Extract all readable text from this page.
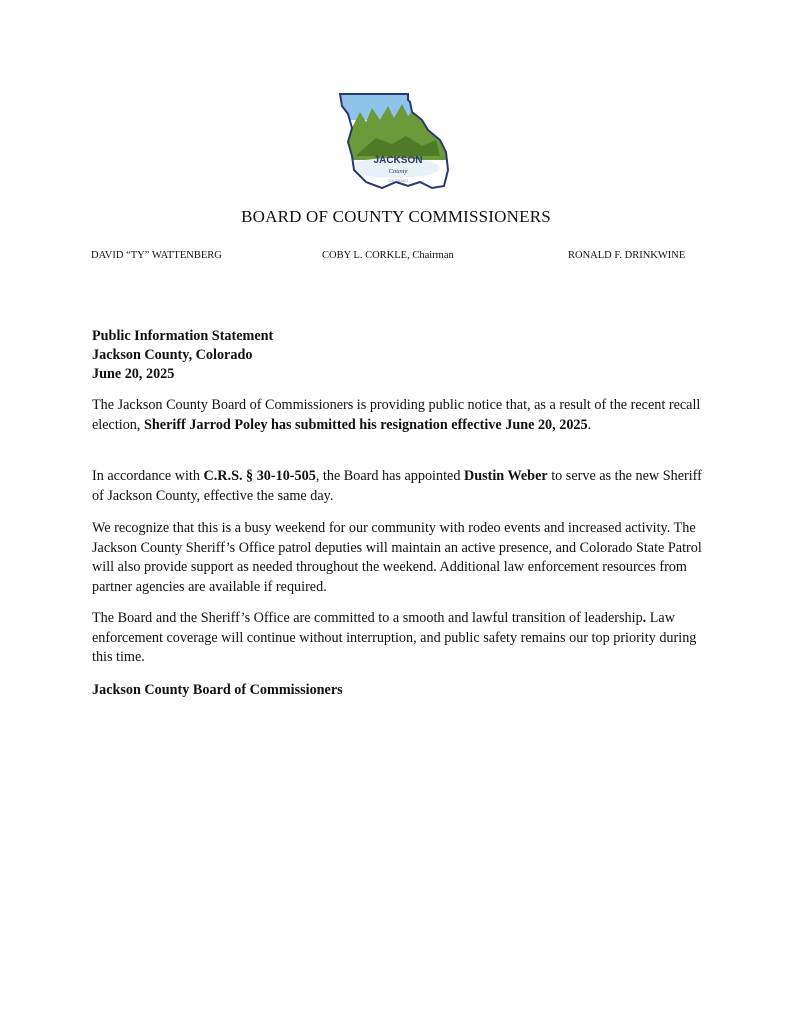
JACKSON
County
COLORADO
BOARD OF COUNTY COMMISSIONERS
DAVID “TY” WATTENBERG	COBY L. CORKLE, Chairman	RONALD F. DRINKWINE
Public Information Statement
Jackson County, Colorado
June 20, 2025

The Jackson County Board of Commissioners is providing public notice that, as a result of the recent recall election, Sheriff Jarrod Poley has submitted his resignation effective June 20, 2025.

In accordance with C.R.S. § 30-10-505, the Board has appointed Dustin Weber to serve as the new Sheriff of Jackson County, effective the same day.

We recognize that this is a busy weekend for our community with rodeo events and increased activity. The Jackson County Sheriff’s Office patrol deputies will maintain an active presence, and Colorado State Patrol will also provide support as needed throughout the weekend. Additional law enforcement resources from partner agencies are available if required.

The Board and the Sheriff’s Office are committed to a smooth and lawful transition of leadership. Law enforcement coverage will continue without interruption, and public safety remains our top priority during this time.

Jackson County Board of Commissioners
